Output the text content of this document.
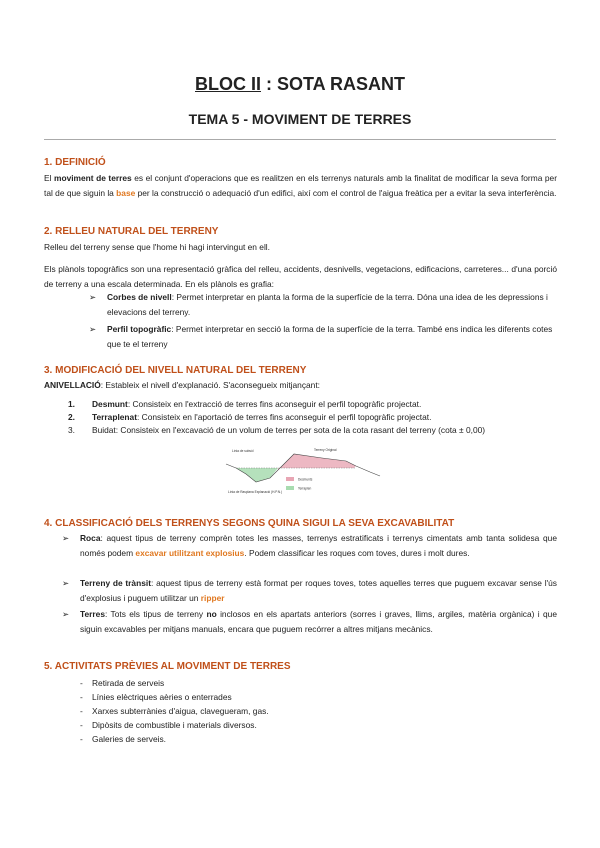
BLOC II : SOTA RASANT
TEMA 5 - MOVIMENT DE TERRES
1. DEFINICIÓ

El moviment de terres es el conjunt d'operacions que es realitzen en els terrenys naturals amb la finalitat de modificar la seva forma per tal de que siguin la base per la construcció o adequació d'un edifici, així com el control de l'aigua freàtica per a evitar la seva interferència.

2. RELLEU NATURAL DEL TERRENY

Relleu del terreny sense que l'home hi hagi intervingut en ell.

Els plànols topogràfics son una representació gràfica del relleu, accidents, desnivells, vegetacions, edificacions, carreteres... d'una porció de terreny a una escala determinada. En els plànols es grafia:

➢ Corbes de nivell: Permet interpretar en planta la forma de la superfície de la terra. Dóna una idea de les depressions i elevacions del terreny.
➢ Perfil topogràfic: Permet interpretar en secció la forma de la superfície de la terra. També ens indica les diferents cotes que te el terreny
3. MODIFICACIÓ DEL NIVELL NATURAL DEL TERRENY

ANIVELLACIÓ: Estableix el nivell d'explanació. S'aconsegueix mitjançant:

1. Desmunt: Consisteix en l'extracció de terres fins aconseguir el perfil topogràfic projectat.
2. Terraplenat: Consisteix en l'aportació de terres fins aconseguir el perfil topogràfic projectat.
3. Buidat: Consisteix en l'excavació de un volum de terres per sota de la cota rasant del terreny (cota ± 0,00)
Línia de subsòl	Terreny Original
Línia de Rasplana Explanació (H.P.N.)
Desmunts
Terraplen
4. CLASSIFICACIÓ DELS TERRENYS SEGONS QUINA SIGUI LA SEVA EXCAVABILITAT
➢ Roca: aquest tipus de terreny comprèn totes les masses, terrenys estratificats i terrenys cimentats amb tanta solidesa que només podem excavar utilitzant explosius. Podem classificar les roques com toves, dures i molt dures.
➢ Terreny de trànsit: aquest tipus de terreny està format per roques toves, totes aquelles terres que puguem excavar sense l'ús d'explosius i puguem utilitzar un ripper
➢ Terres: Tots els tipus de terreny no inclosos en els apartats anteriors (sorres i graves, llims, argiles, matèria orgànica) i que siguin excavables per mitjans manuals, encara que puguem recórrer a altres mitjans mecànics.
5. ACTIVITATS PRÈVIES AL MOVIMENT DE TERRES
- Retirada de serveis
- Línies elèctriques aèries o enterrades
- Xarxes subterrànies d'aigua, clavegueram, gas.
- Dipòsits de combustible i materials diversos.
- Galeries de serveis.
